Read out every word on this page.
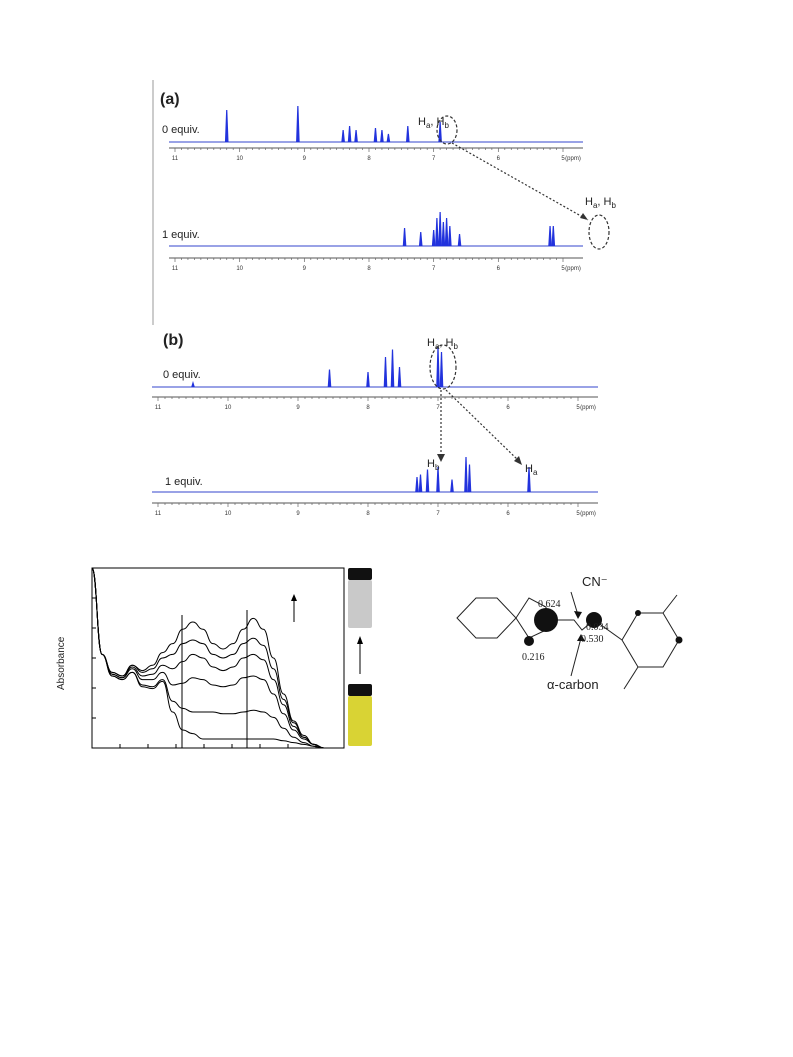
(a)
0 equiv.
1 equiv.
11	10	9	8	7	6	5 (ppm)
11	10	9	8	7	6	5 (ppm)
$H_a$, $H_b$
$H_a$, $H_b$
(b)
0 equiv.
1 equiv.
11	10	9	8	7	6	5 (ppm)
11	10	9	8	7	6	5 (ppm)
$H_a$, $H_b$
$H_b$	$H_a$
Absorbance
CN⁻
α-carbon
0.624
0.034
0.216
0.530
